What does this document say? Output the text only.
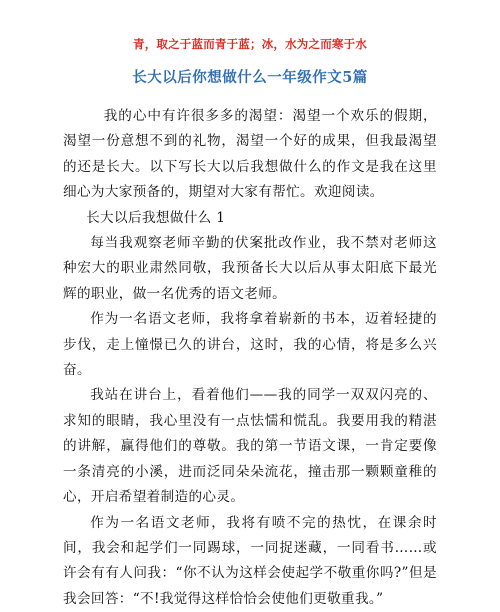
青，取之于蓝而青于蓝；冰，水为之而寒于水
长大以后你想做什么一年级作文5篇

我的心中有许很多多的渴望：渴望一个欢乐的假期，渴望一份意想不到的礼物，渴望一个好的成果，但我最渴望的还是长大。以下写长大以后我想做什么的作文是我在这里细心为大家预备的，期望对大家有帮忙。欢迎阅读。

长大以后我想做什么 1

每当我观察老师辛勤的伏案批改作业，我不禁对老师这种宏大的职业肃然同敬，我预备长大以后从事太阳底下最光辉的职业，做一名优秀的语文老师。

作为一名语文老师，我将拿着崭新的书本，迈着轻捷的步伐，走上憧憬已久的讲台，这时，我的心情，将是多么兴奋。

我站在讲台上，看着他们——我的同学一双双闪亮的、求知的眼睛，我心里没有一点怯懦和慌乱。我要用我的精湛的讲解，赢得他们的尊敬。我的第一节语文课，一肯定要像一条清亮的小溪，进而泛同朵朵流花，撞击那一颗颗童稚的心，开启希望着制造的心灵。

作为一名语文老师，我将有喷不完的热忱，在课余时间，我会和起学们一同踢球，一同捉迷藏，一同看书……或许会有有人问我：“你不认为这样会使起学不敬重你吗?”但是我会回答：“不!我觉得这样恰恰会使他们更敬重我。”
